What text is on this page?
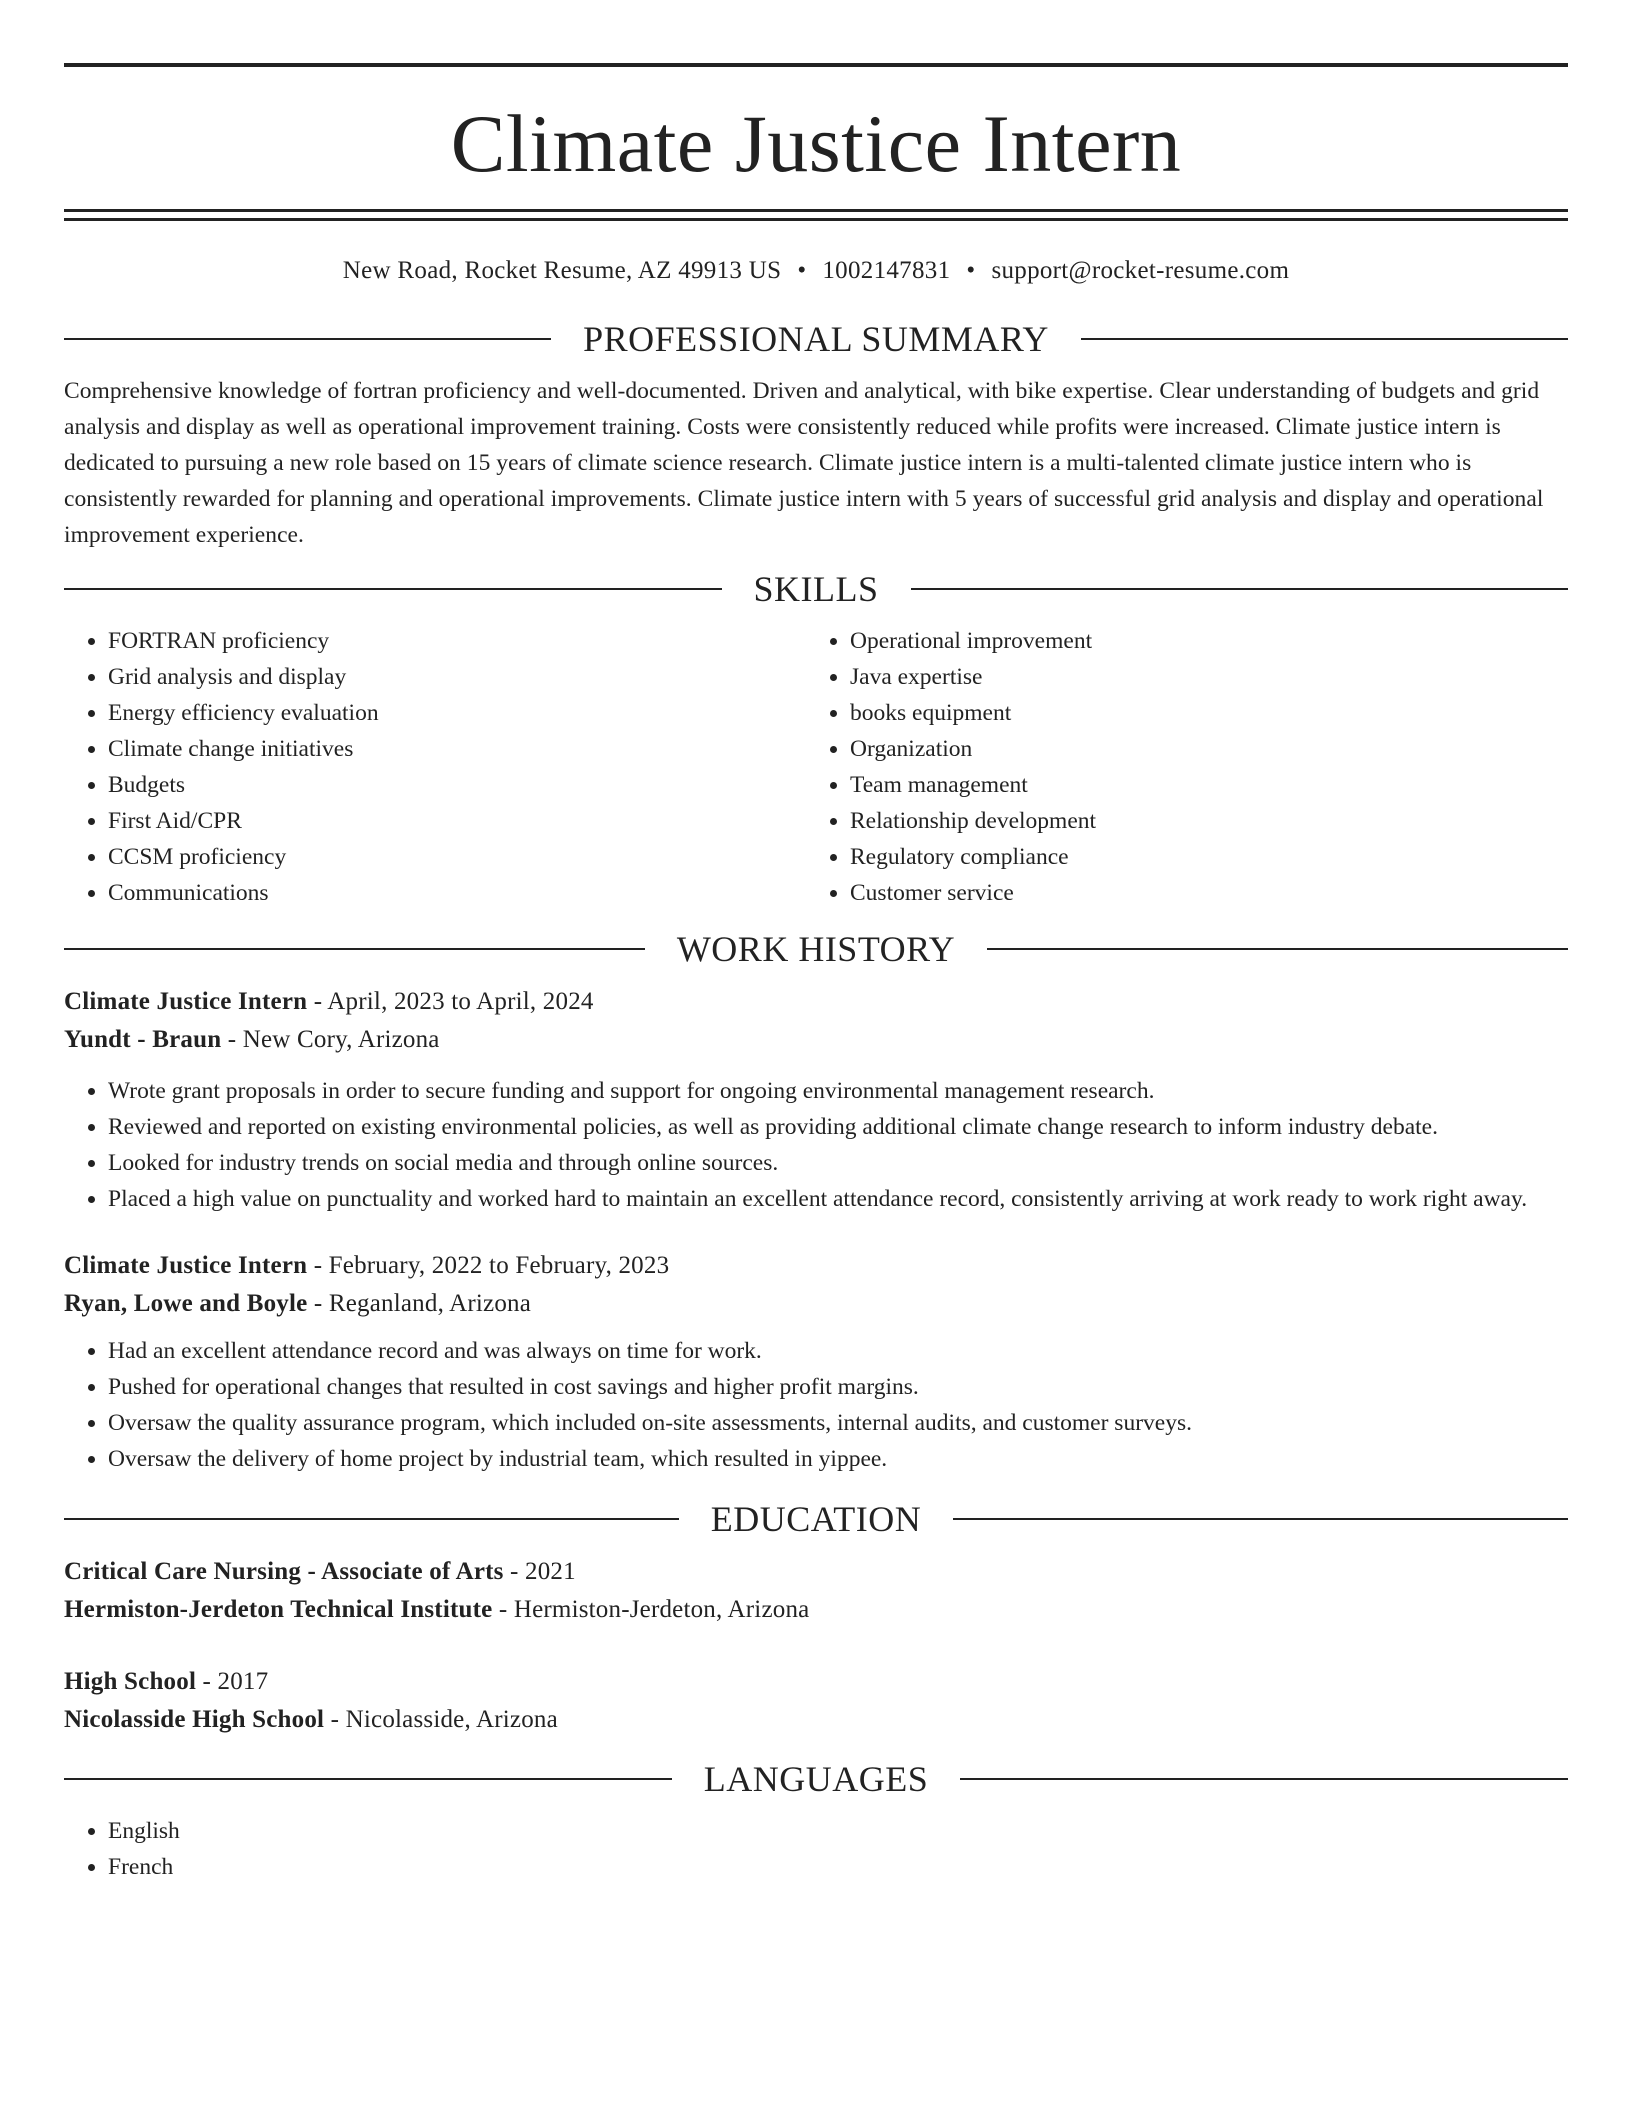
Climate Justice Intern
New Road, Rocket Resume, AZ 49913 US • 1002147831 • support@rocket-resume.com
PROFESSIONAL SUMMARY

Comprehensive knowledge of fortran proficiency and well-documented. Driven and analytical, with bike expertise. Clear understanding of budgets and grid analysis and display as well as operational improvement training. Costs were consistently reduced while profits were increased. Climate justice intern is dedicated to pursuing a new role based on 15 years of climate science research. Climate justice intern is a multi-talented climate justice intern who is consistently rewarded for planning and operational improvements. Climate justice intern with 5 years of successful grid analysis and display and operational improvement experience.

SKILLS
• FORTRAN proficiency
• Grid analysis and display
• Energy efficiency evaluation
• Climate change initiatives
• Budgets
• First Aid/CPR
• CCSM proficiency
• Communications
• Operational improvement
• Java expertise
• books equipment
• Organization
• Team management
• Relationship development
• Regulatory compliance
• Customer service
WORK HISTORY
Climate Justice Intern - April, 2023 to April, 2024
Yundt - Braun - New Cory, Arizona
• Wrote grant proposals in order to secure funding and support for ongoing environmental management research.
• Reviewed and reported on existing environmental policies, as well as providing additional climate change research to inform industry debate.
• Looked for industry trends on social media and through online sources.
• Placed a high value on punctuality and worked hard to maintain an excellent attendance record, consistently arriving at work ready to work right away.
Climate Justice Intern - February, 2022 to February, 2023
Ryan, Lowe and Boyle - Reganland, Arizona
• Had an excellent attendance record and was always on time for work.
• Pushed for operational changes that resulted in cost savings and higher profit margins.
• Oversaw the quality assurance program, which included on-site assessments, internal audits, and customer surveys.
• Oversaw the delivery of home project by industrial team, which resulted in yippee.
EDUCATION
Critical Care Nursing - Associate of Arts - 2021
Hermiston-Jerdeton Technical Institute - Hermiston-Jerdeton, Arizona
High School - 2017
Nicolasside High School - Nicolasside, Arizona
LANGUAGES
• English
• French
